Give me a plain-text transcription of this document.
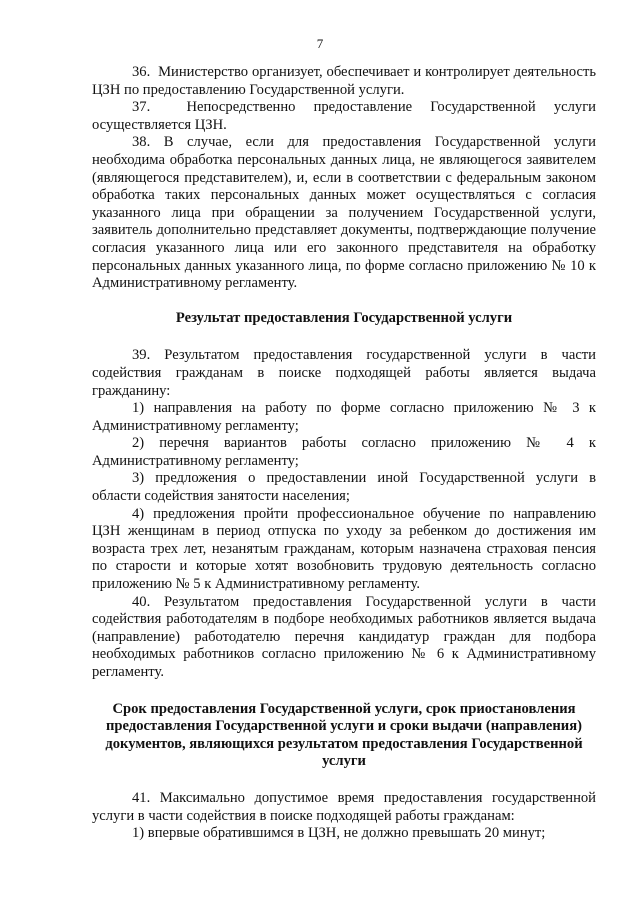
7

36.  Министерство организует, обеспечивает и контролирует деятельность ЦЗН по предоставлению Государственной услуги.

37.  Непосредственно предоставление Государственной услуги осуществляется ЦЗН.

38. В случае, если для предоставления Государственной услуги необходима обработка персональных данных лица, не являющегося заявителем (являющегося представителем), и, если в соответствии с федеральным законом обработка таких персональных данных может осуществляться с согласия указанного лица при обращении за получением Государственной услуги, заявитель дополнительно представляет документы, подтверждающие получение согласия указанного лица или его законного представителя на обработку персональных данных указанного лица, по форме согласно приложению № 10 к Административному регламенту.

Результат предоставления Государственной услуги

39. Результатом предоставления государственной услуги в части содействия гражданам в поиске подходящей работы является выдача гражданину:

1) направления на работу по форме согласно приложению № 3 к Административному регламенту;

2) перечня вариантов работы согласно приложению № 4 к Административному регламенту;

3) предложения о предоставлении иной Государственной услуги в области содействия занятости населения;

4) предложения пройти профессиональное обучение по направлению ЦЗН женщинам в период отпуска по уходу за ребенком до достижения им возраста трех лет, незанятым гражданам, которым назначена страховая пенсия по старости и которые хотят возобновить трудовую деятельность согласно приложению № 5 к Административному регламенту.

40. Результатом предоставления Государственной услуги в части содействия работодателям в подборе необходимых работников является выдача (направление) работодателю перечня кандидатур граждан для подбора необходимых работников согласно приложению № 6 к Административному регламенту.

Срок предоставления Государственной услуги, срок приостановления предоставления Государственной услуги и сроки выдачи (направления) документов, являющихся результатом предоставления Государственной услуги

41. Максимально допустимое время предоставления государственной услуги в части содействия в поиске подходящей работы гражданам:

1) впервые обратившимся в ЦЗН, не должно превышать 20 минут;
